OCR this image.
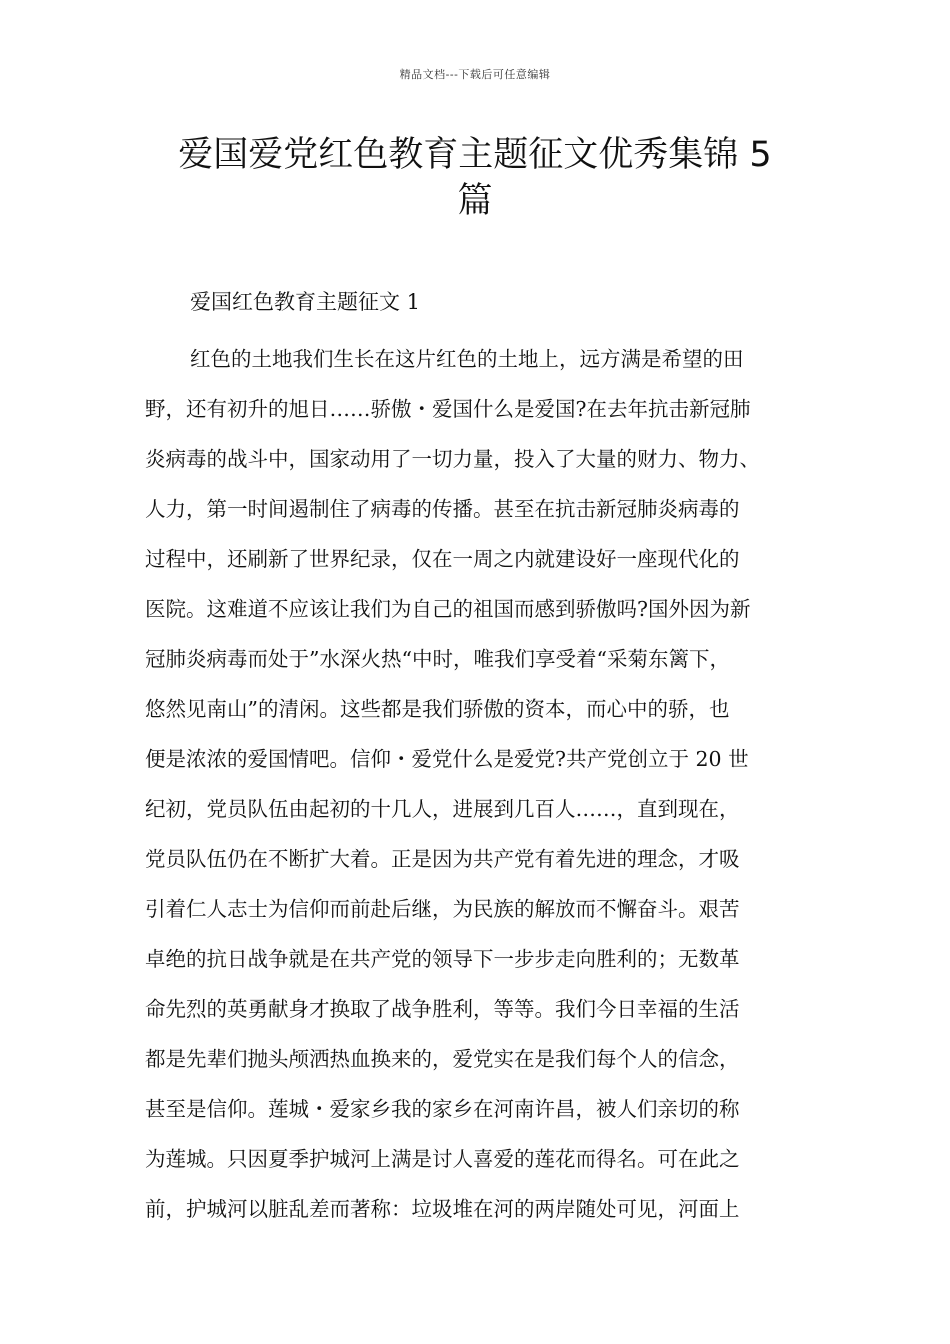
精品文档---下载后可任意编辑
爱国爱党红色教育主题征文优秀集锦 5
篇
爱国红色教育主题征文 1
红色的土地我们生长在这片红色的土地上，远方满是希望的田
野，还有初升的旭日……骄傲・爱国什么是爱国?在去年抗击新冠肺
炎病毒的战斗中，国家动用了一切力量，投入了大量的财力、物力、
人力，第一时间遏制住了病毒的传播。甚至在抗击新冠肺炎病毒的
过程中，还刷新了世界纪录，仅在一周之内就建设好一座现代化的
医院。这难道不应该让我们为自己的祖国而感到骄傲吗?国外因为新
冠肺炎病毒而处于”水深火热“中时，唯我们享受着“采菊东篱下，
悠然见南山”的清闲。这些都是我们骄傲的资本，而心中的骄，也
便是浓浓的爱国情吧。信仰・爱党什么是爱党?共产党创立于 20 世
纪初，党员队伍由起初的十几人，进展到几百人……，直到现在，
党员队伍仍在不断扩大着。正是因为共产党有着先进的理念，才吸
引着仁人志士为信仰而前赴后继，为民族的解放而不懈奋斗。艰苦
卓绝的抗日战争就是在共产党的领导下一步步走向胜利的；无数革
命先烈的英勇献身才换取了战争胜利，等等。我们今日幸福的生活
都是先辈们抛头颅洒热血换来的，爱党实在是我们每个人的信念，
甚至是信仰。莲城・爱家乡我的家乡在河南许昌，被人们亲切的称
为莲城。只因夏季护城河上满是讨人喜爱的莲花而得名。可在此之
前，护城河以脏乱差而著称：垃圾堆在河的两岸随处可见，河面上
